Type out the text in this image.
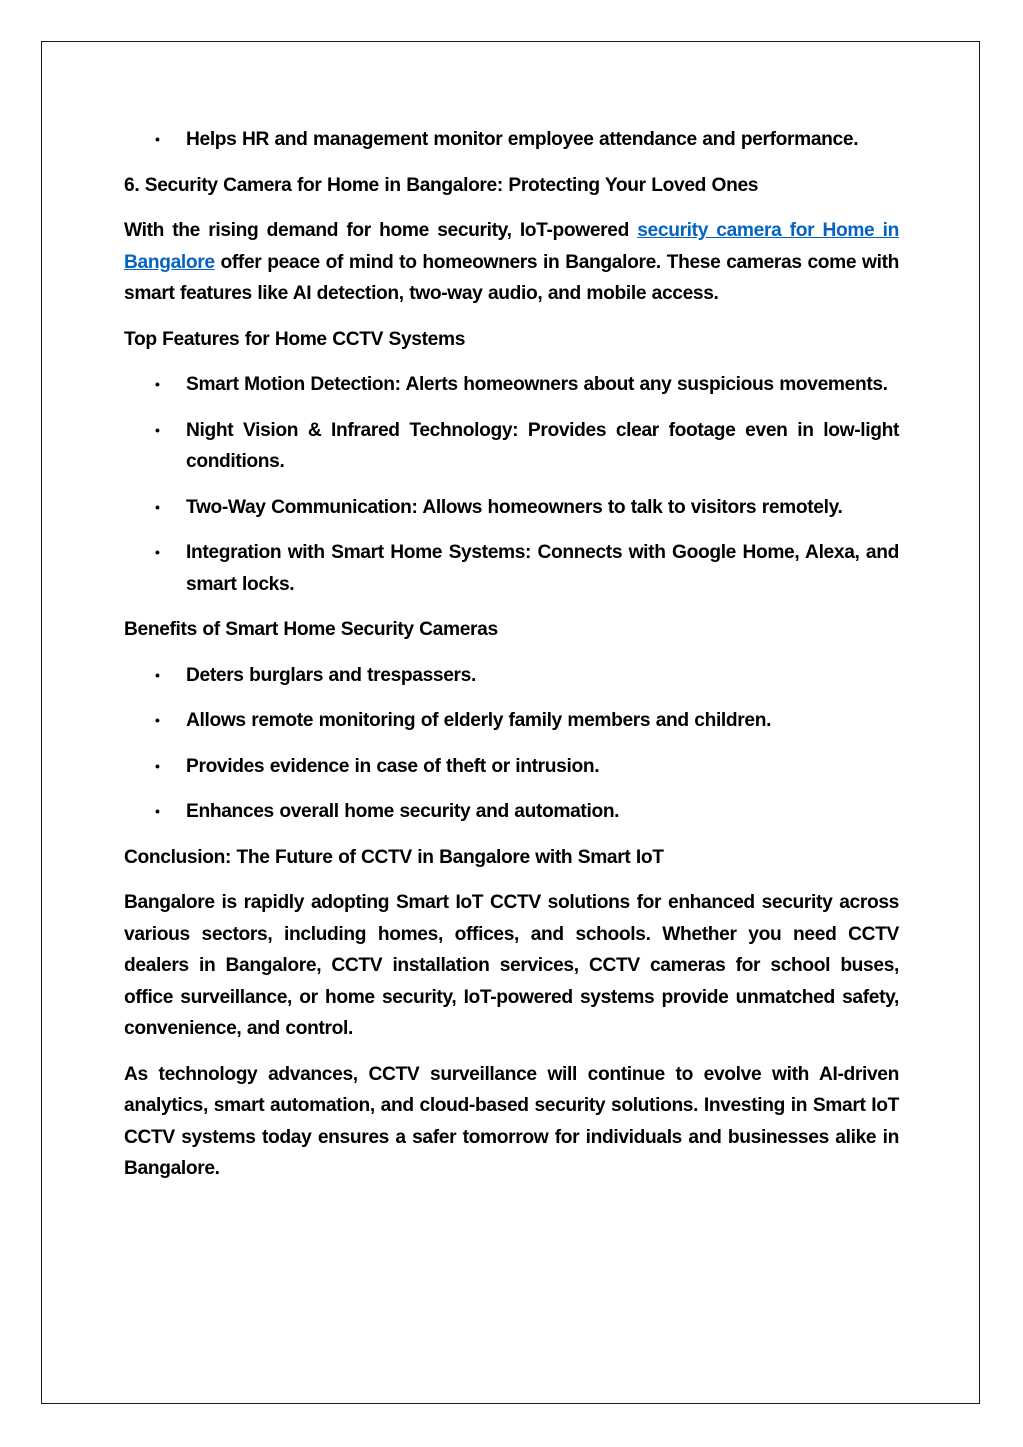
• Helps HR and management monitor employee attendance and performance.

6. Security Camera for Home in Bangalore: Protecting Your Loved Ones

With the rising demand for home security, IoT-powered security camera for Home in Bangalore offer peace of mind to homeowners in Bangalore. These cameras come with smart features like AI detection, two-way audio, and mobile access.

Top Features for Home CCTV Systems

• Smart Motion Detection: Alerts homeowners about any suspicious movements.
• Night Vision & Infrared Technology: Provides clear footage even in low-light conditions.
• Two-Way Communication: Allows homeowners to talk to visitors remotely.
• Integration with Smart Home Systems: Connects with Google Home, Alexa, and smart locks.

Benefits of Smart Home Security Cameras

• Deters burglars and trespassers.
• Allows remote monitoring of elderly family members and children.
• Provides evidence in case of theft or intrusion.
• Enhances overall home security and automation.

Conclusion: The Future of CCTV in Bangalore with Smart IoT

Bangalore is rapidly adopting Smart IoT CCTV solutions for enhanced security across various sectors, including homes, offices, and schools. Whether you need CCTV dealers in Bangalore, CCTV installation services, CCTV cameras for school buses, office surveillance, or home security, IoT-powered systems provide unmatched safety, convenience, and control.

As technology advances, CCTV surveillance will continue to evolve with AI-driven analytics, smart automation, and cloud-based security solutions. Investing in Smart IoT CCTV systems today ensures a safer tomorrow for individuals and businesses alike in Bangalore.
